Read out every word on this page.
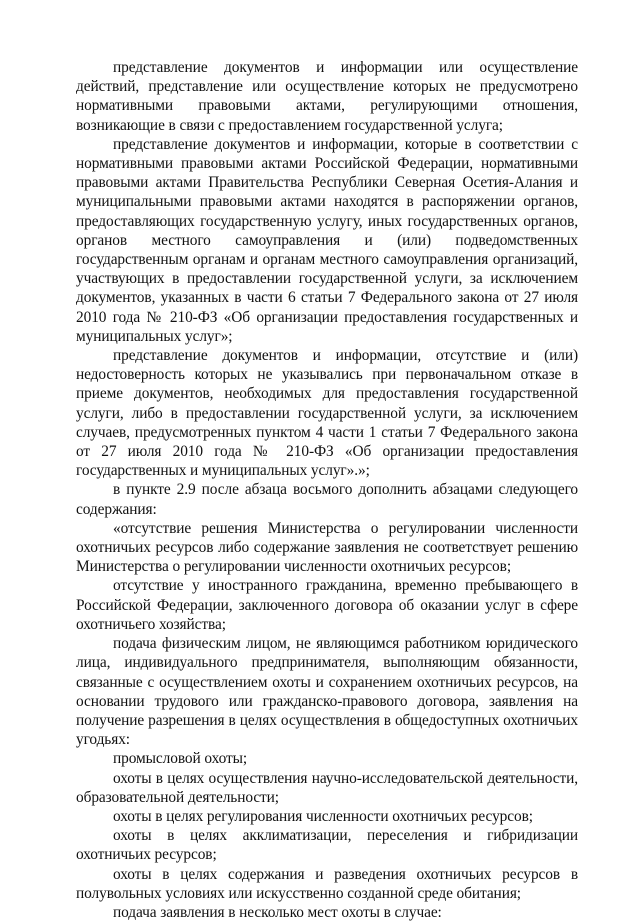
представление документов и информации или осуществление действий, представление или осуществление которых не предусмотрено нормативными правовыми актами, регулирующими отношения, возникающие в связи с предоставлением государственной услуга;

представление документов и информации, которые в соответствии с нормативными правовыми актами Российской Федерации, нормативными правовыми актами Правительства Республики Северная Осетия-Алания и муниципальными правовыми актами находятся в распоряжении органов, предоставляющих государственную услугу, иных государственных органов, органов местного самоуправления и (или) подведомственных государственным органам и органам местного самоуправления организаций, участвующих в предоставлении государственной услуги, за исключением документов, указанных в части 6 статьи 7 Федерального закона от 27 июля 2010 года № 210-ФЗ «Об организации предоставления государственных и муниципальных услуг»;

представление документов и информации, отсутствие и (или) недостоверность которых не указывались при первоначальном отказе в приеме документов, необходимых для предоставления государственной услуги, либо в предоставлении государственной услуги, за исключением случаев, предусмотренных пунктом 4 части 1 статьи 7 Федерального закона от 27 июля 2010 года № 210-ФЗ «Об организации предоставления государственных и муниципальных услуг».»;

в пункте 2.9 после абзаца восьмого дополнить абзацами следующего содержания:

«отсутствие решения Министерства о регулировании численности охотничьих ресурсов либо содержание заявления не соответствует решению Министерства о регулировании численности охотничьих ресурсов;

отсутствие у иностранного гражданина, временно пребывающего в Российской Федерации, заключенного договора об оказании услуг в сфере охотничьего хозяйства;

подача физическим лицом, не являющимся работником юридического лица, индивидуального предпринимателя, выполняющим обязанности, связанные с осуществлением охоты и сохранением охотничьих ресурсов, на основании трудового или гражданско-правового договора, заявления на получение разрешения в целях осуществления в общедоступных охотничьих угодьях:

промысловой охоты;

охоты в целях осуществления научно-исследовательской деятельности, образовательной деятельности;

охоты в целях регулирования численности охотничьих ресурсов;

охоты в целях акклиматизации, переселения и гибридизации охотничьих ресурсов;

охоты в целях содержания и разведения охотничьих ресурсов в полувольных условиях или искусственно созданной среде обитания;

подача заявления в несколько мест охоты в случае:
